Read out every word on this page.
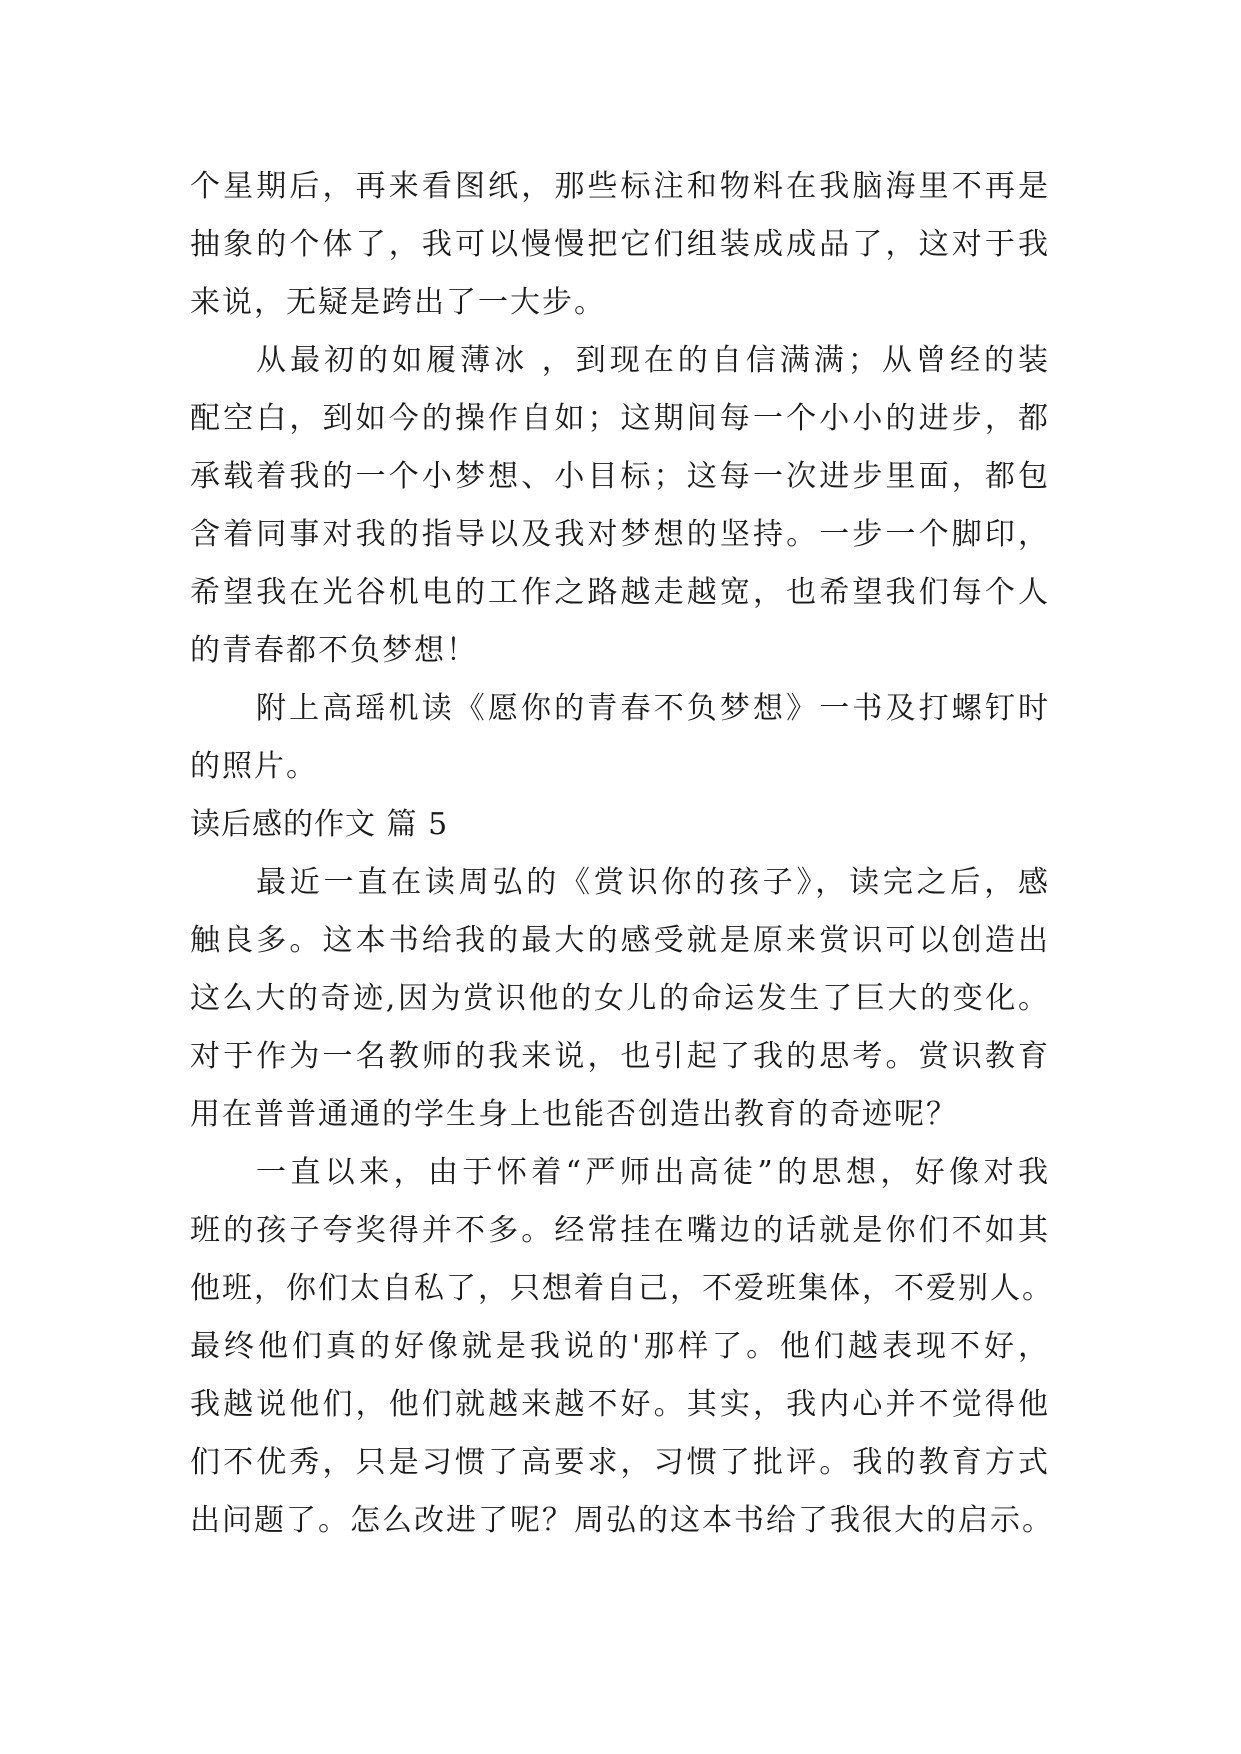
个星期后，再来看图纸，那些标注和物料在我脑海里不再是
抽象的个体了，我可以慢慢把它们组装成成品了，这对于我
来说，无疑是跨出了一大步。
从最初的如履薄冰 ，到现在的自信满满；从曾经的装
配空白，到如今的操作自如；这期间每一个小小的进步，都
承载着我的一个小梦想、小目标；这每一次进步里面，都包
含着同事对我的指导以及我对梦想的坚持。一步一个脚印，
希望我在光谷机电的工作之路越走越宽，也希望我们每个人
的青春都不负梦想！
附上高瑶机读《愿你的青春不负梦想》一书及打螺钉时
的照片。
读后感的作文 篇 5
最近一直在读周弘的《赏识你的孩子》，读完之后，感
触良多。这本书给我的最大的感受就是原来赏识可以创造出
这么大的奇迹,因为赏识他的女儿的命运发生了巨大的变化。
对于作为一名教师的我来说，也引起了我的思考。赏识教育
用在普普通通的学生身上也能否创造出教育的奇迹呢？
一直以来，由于怀着“严师出高徒”的思想，好像对我
班的孩子夸奖得并不多。经常挂在嘴边的话就是你们不如其
他班，你们太自私了，只想着自己，不爱班集体，不爱别人。
最终他们真的好像就是我说的'那样了。他们越表现不好，
我越说他们，他们就越来越不好。其实，我内心并不觉得他
们不优秀，只是习惯了高要求，习惯了批评。我的教育方式
出问题了。怎么改进了呢？周弘的这本书给了我很大的启示。
